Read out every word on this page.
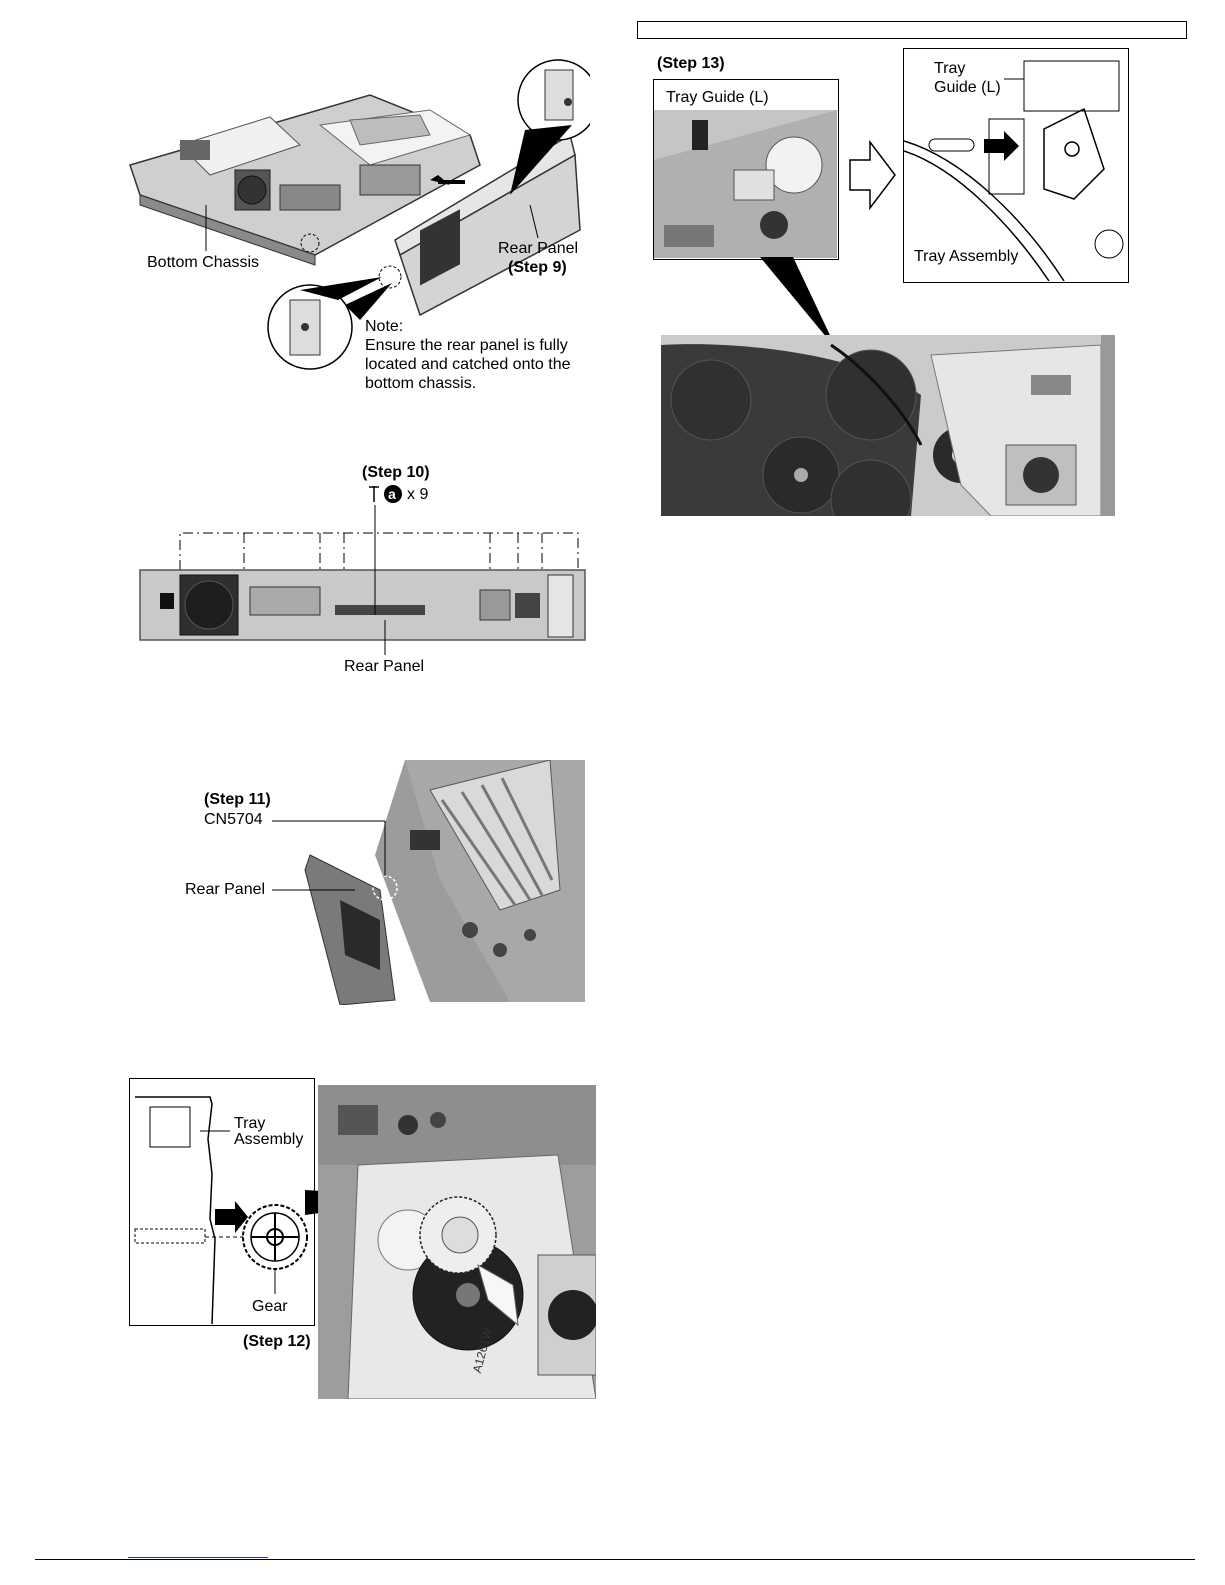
Bottom Chassis
Rear Panel
(Step 9)
Note:
Ensure the rear panel is fully
located and catched onto the
bottom chassis.
(Step 10)
a x 9
Rear Panel
(Step 11)
CN5704
Rear Panel
Tray
Assembly
Gear
(Step 12)	A1261W
(Step 13)
Tray Guide (L)
Tray
Guide (L)
Tray Assembly
